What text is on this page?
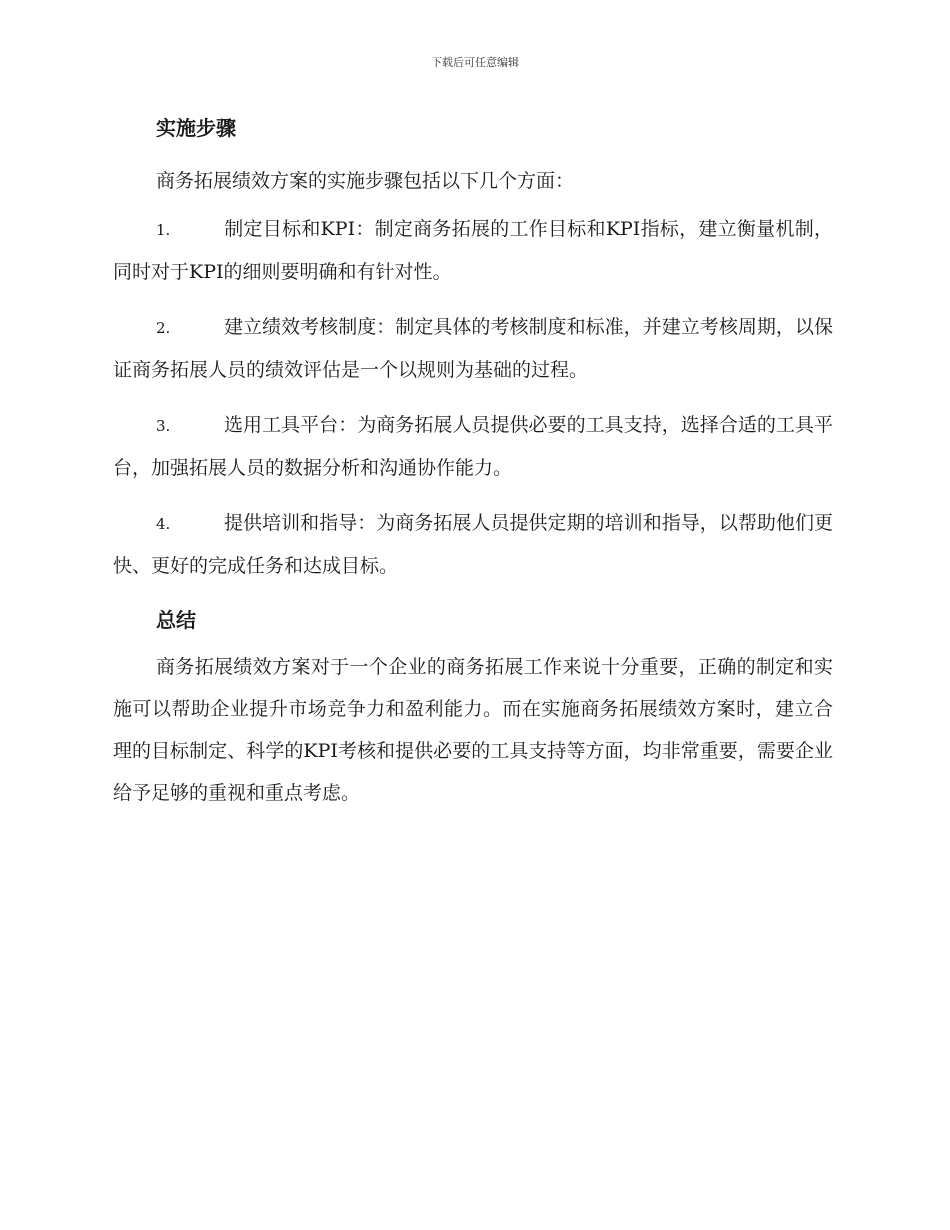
下载后可任意编辑
实施步骤

商务拓展绩效方案的实施步骤包括以下几个方面：

1.	制定目标和KPI：制定商务拓展的工作目标和KPI指标，建立衡量机制，同时对于KPI的细则要明确和有针对性。
2.	建立绩效考核制度：制定具体的考核制度和标准，并建立考核周期，以保证商务拓展人员的绩效评估是一个以规则为基础的过程。
3.	选用工具平台：为商务拓展人员提供必要的工具支持，选择合适的工具平台，加强拓展人员的数据分析和沟通协作能力。
4.	提供培训和指导：为商务拓展人员提供定期的培训和指导，以帮助他们更快、更好的完成任务和达成目标。
总结

商务拓展绩效方案对于一个企业的商务拓展工作来说十分重要，正确的制定和实施可以帮助企业提升市场竞争力和盈利能力。而在实施商务拓展绩效方案时，建立合理的目标制定、科学的KPI考核和提供必要的工具支持等方面，均非常重要，需要企业给予足够的重视和重点考虑。
